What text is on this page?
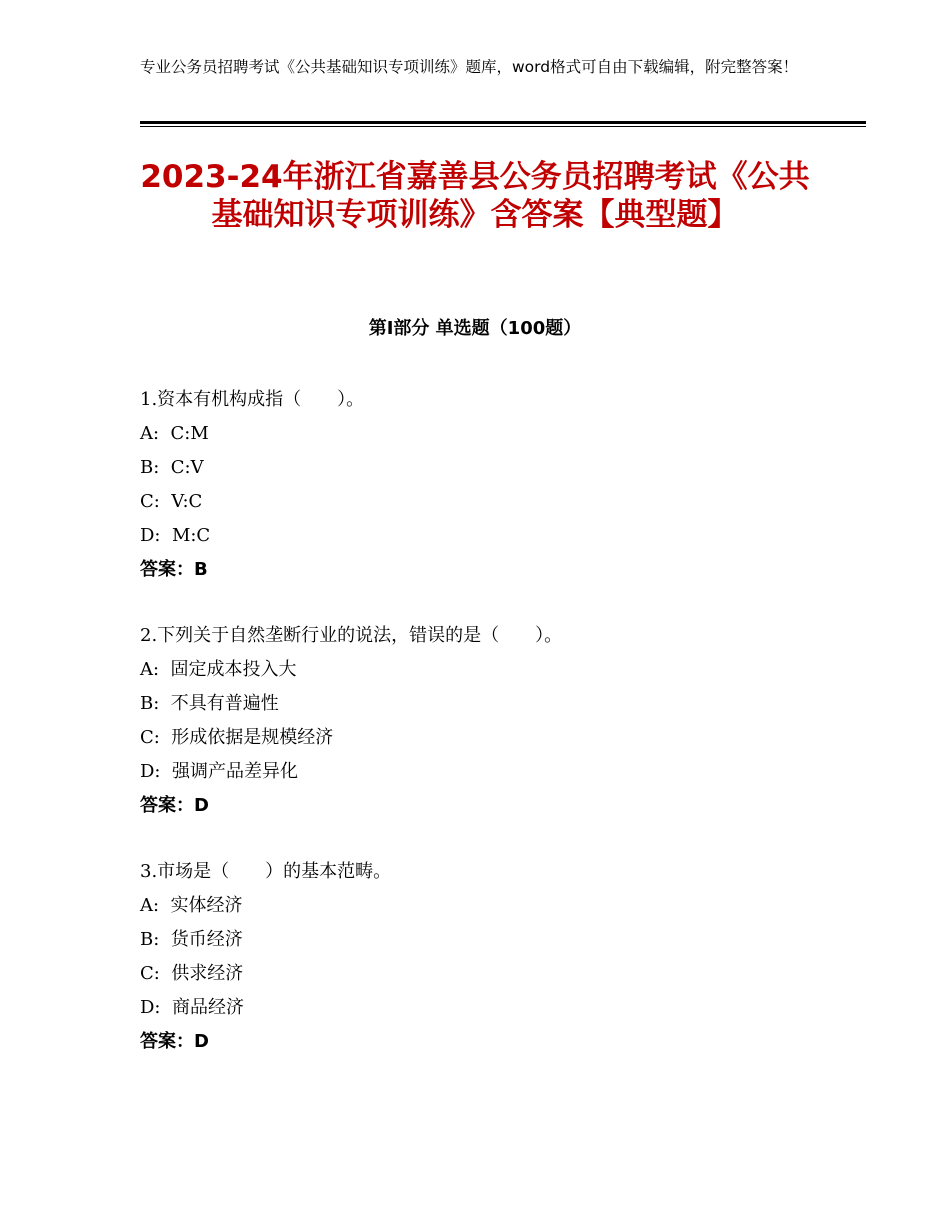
专业公务员招聘考试《公共基础知识专项训练》题库，word格式可自由下载编辑，附完整答案！
2023-24年浙江省嘉善县公务员招聘考试《公共基础知识专项训练》含答案【典型题】
第Ⅰ部分 单选题（100题）
1.资本有机构成指（　　）。
A:  C:M
B:  C:V
C:  V:C
D:  M:C
答案：B
2.下列关于自然垄断行业的说法，错误的是（　　）。
A:  固定成本投入大
B:  不具有普遍性
C:  形成依据是规模经济
D:  强调产品差异化
答案：D
3.市场是（　　）的基本范畴。
A:  实体经济
B:  货币经济
C:  供求经济
D:  商品经济
答案：D
